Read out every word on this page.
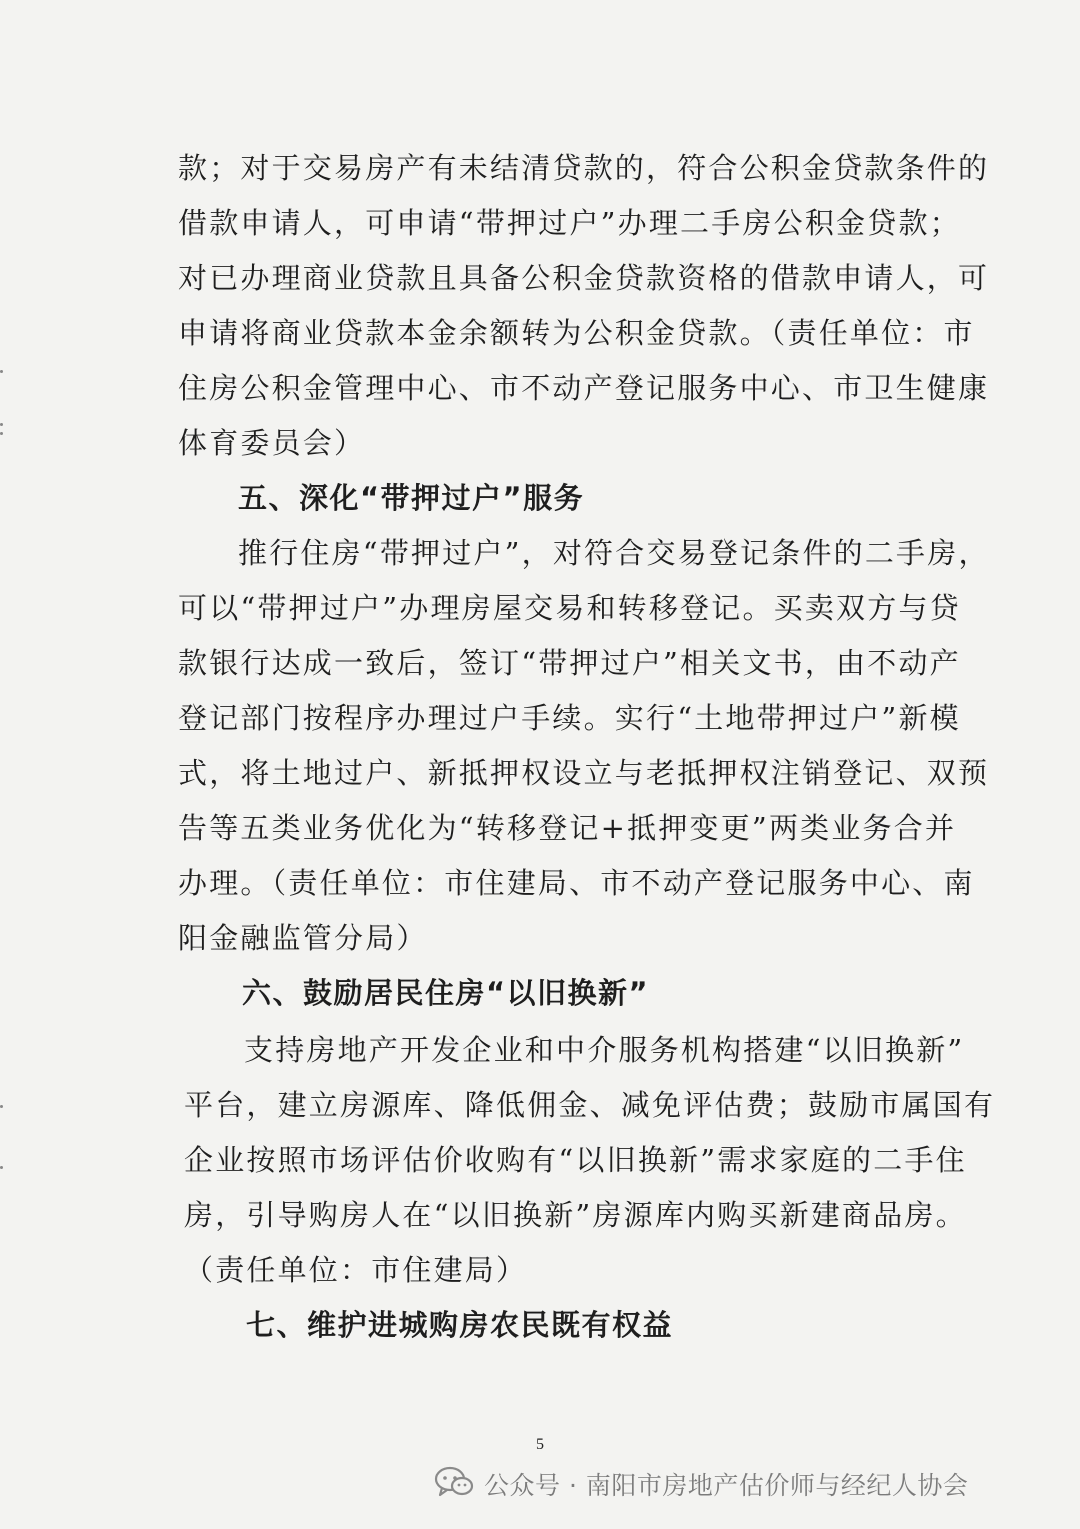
款；对于交易房产有未结清贷款的，符合公积金贷款条件的
借款申请人，可申请“带押过户”办理二手房公积金贷款；
对已办理商业贷款且具备公积金贷款资格的借款申请人，可
申请将商业贷款本金余额转为公积金贷款。（责任单位：市
住房公积金管理中心、市不动产登记服务中心、市卫生健康
体育委员会）
五、深化“带押过户”服务
推行住房“带押过户”，对符合交易登记条件的二手房，
可以“带押过户”办理房屋交易和转移登记。买卖双方与贷
款银行达成一致后，签订“带押过户”相关文书，由不动产
登记部门按程序办理过户手续。实行“土地带押过户”新模
式，将土地过户、新抵押权设立与老抵押权注销登记、双预
告等五类业务优化为“转移登记+抵押变更”两类业务合并
办理。（责任单位：市住建局、市不动产登记服务中心、南
阳金融监管分局）
六、鼓励居民住房“以旧换新”
支持房地产开发企业和中介服务机构搭建“以旧换新”
平台，建立房源库、降低佣金、减免评估费；鼓励市属国有
企业按照市场评估价收购有“以旧换新”需求家庭的二手住
房，引导购房人在“以旧换新”房源库内购买新建商品房。
（责任单位：市住建局）
七、维护进城购房农民既有权益
5
公众号 · 南阳市房地产估价师与经纪人协会
